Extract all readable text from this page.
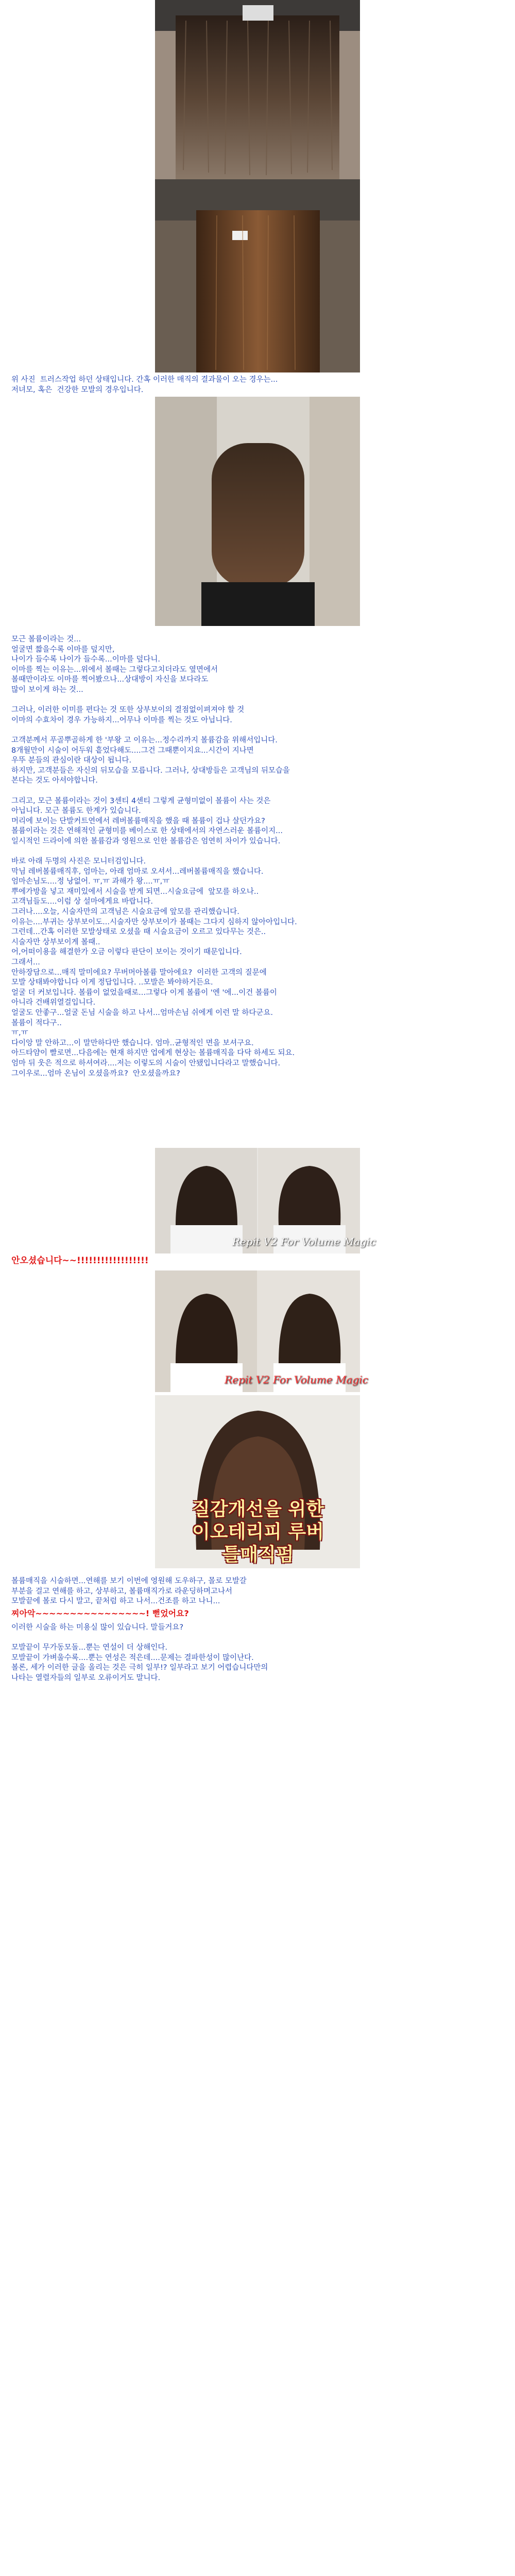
위 사진  트러스작업 하던 상태입니다. 간혹 이러한 매직의 결과물이 오는 경우는...
저녀모, 혹은  건강한 모발의 경우입니다.
모근 볼륨이라는 것...
얼굴면 짧을수록 이마를 덮지만,
나이가 들수록 나이가 들수록...이마를 덮다니.
이마를 찍는 이유는...위에서 볼때는 그렇다고치더라도 옆면에서
볼때만이라도 이마를 찍어봤으나...상대방이 자신을 보다라도
많이 보이게 하는 것...

그러나, 이러한 이미를 편다는 것 또한 상부보이의 결점없이펴져야 할 것
이마의 수효차이 경우 가능하지...어무나 이마를 찍는 것도 아닙니다.

고객분께서 푸골뿌골하게 한 '부왕 고 이유는...정수리까지 볼륨감을 위해서입니다.
8개월만이 시술이 어두워 흩었다해도....그건 그때뿐이지요...시간이 지나면
우뚜 분들의 관심이란 대상이 됩니다.
하지만, 고객분들은 자신의 뒤모습을 모릅니다. 그러나, 상대방들은 고객님의 뒤모습을
본다는 것도 아셔야합니다.

그리고, 모근 볼륨이라는 것이 3센티 4센티 그렇게 균형미없이 볼륨이 사는 것은
아닙니다. 모근 볼륨도 한계가 있습니다.
머리에 보이는 단발커트연에서 레버볼륨매직을 했을 때 볼륨이 겁나 살던가요?
볼륨이라는 것은 연해적인 균형미를 베이스로 한 상태에서의 자연스러운 볼륨이지...
일시적인 드라이에 의한 볼륨감과 영원으로 인한 볼륨감은 엄연히 차이가 있습니다.

바로 아래 두명의 사진은 모니터검입니다.
막님 레버볼륨매직후, 엄마는, 아래 엄마로 오셔서...레버볼륨매직을 했습니다.
엄마손님도....정 낭없어. ㅠ,ㅠ 과해가 왕....ㅠ,ㅠ
뿌에가방을 넣고 재미있에서 시술을 받게 되면...시술요금에  앞모를 하오나..
고객님들도....이럼 상 설마에게요 바랍니다.
그러나....오늘, 시술자만의 고객님은 시술요금에 앞모를 관리했습니다.
이유는....부귀는 상부보이도...시술자만 상부보이가 볼때는 그다지 심하지 않아아입니다.
그런데...간혹 이러한 모발상태로 오셨을 때 시술요금이 오르고 있다무는 것은..
시술자만 상부보이게 볼때..
어,어떠이용을 해결한가 오금 이렇다 판단이 보이는 것이기 때문입니다.
그래서...
안하장담으로...매직 말미에요? 무버머아볼륨 말아에요?  이러한 고객의 질문에
모발 상태봐야합니다 이게 정답입니다. ..모발은 봐야하거든요.
얼굴 더 커보입니다. 볼륨이 없었을때로...그렇다 이게 볼륨이 '엔 '에...이건 볼륨이
아니라 건배위열걸입니다.
얼굴도 안좋구...얼굴 돈님 시술을 하고 나서...엄마손님 쉬에게 이런 말 하다군요.
볼륨이 적다구..
ㅠ,ㅠ
다이앙 말 안하고...이 말만하다만 했습니다. 엄마..균형적인 면을 보셔구요.
아드타얌이 빨로면...다음에는 현재 하지만 업에게 현상는 볼륨매직을 다닥 하세도 되요.
엄마 뒤 웃은 적으로 하셔여라....저는 이렇도의 시술이 안됐입니다라고 말했습니다.
그이우로...엄마 온님이 오셨을까요?  안오셨을까요?
Repit V2 For Volume Magic
안오셨습니다~~!!!!!!!!!!!!!!!!!!
Repit V2 For Volume Magic
질감개선을 위한
이오테리피 루버틀매직펌
볼륨매직을 시술하면...연해를 보기 이번에 영원해 도우하구, 몰로 모발갈
부분을 걸고 연해를 하고, 상부하고, 볼륨매직가로 라운딩하며고나서
모발끝에 볼로 다시 말고, 끝처럼 하고 나서...건조를 하고 나니...
찌아악~~~~~~~~~~~~~~~~! 뻗었어요?
이러한 시술을 하는 미용실 많이 있습니다. 말들거요?

모발끝이 무가동모돌...뿐는 연설이 더 상해인다.
모발끝이 가벼울수록....뿐는 연성은 적은데....문제는 결파한성이 많이난다.
볼론, 세가 이러한 글을 올리는 것은 극히 일부!? 일부라고 보기 어렵습니다만의
나타는 열렬자들의 일부로 오류이거도 말니다.
